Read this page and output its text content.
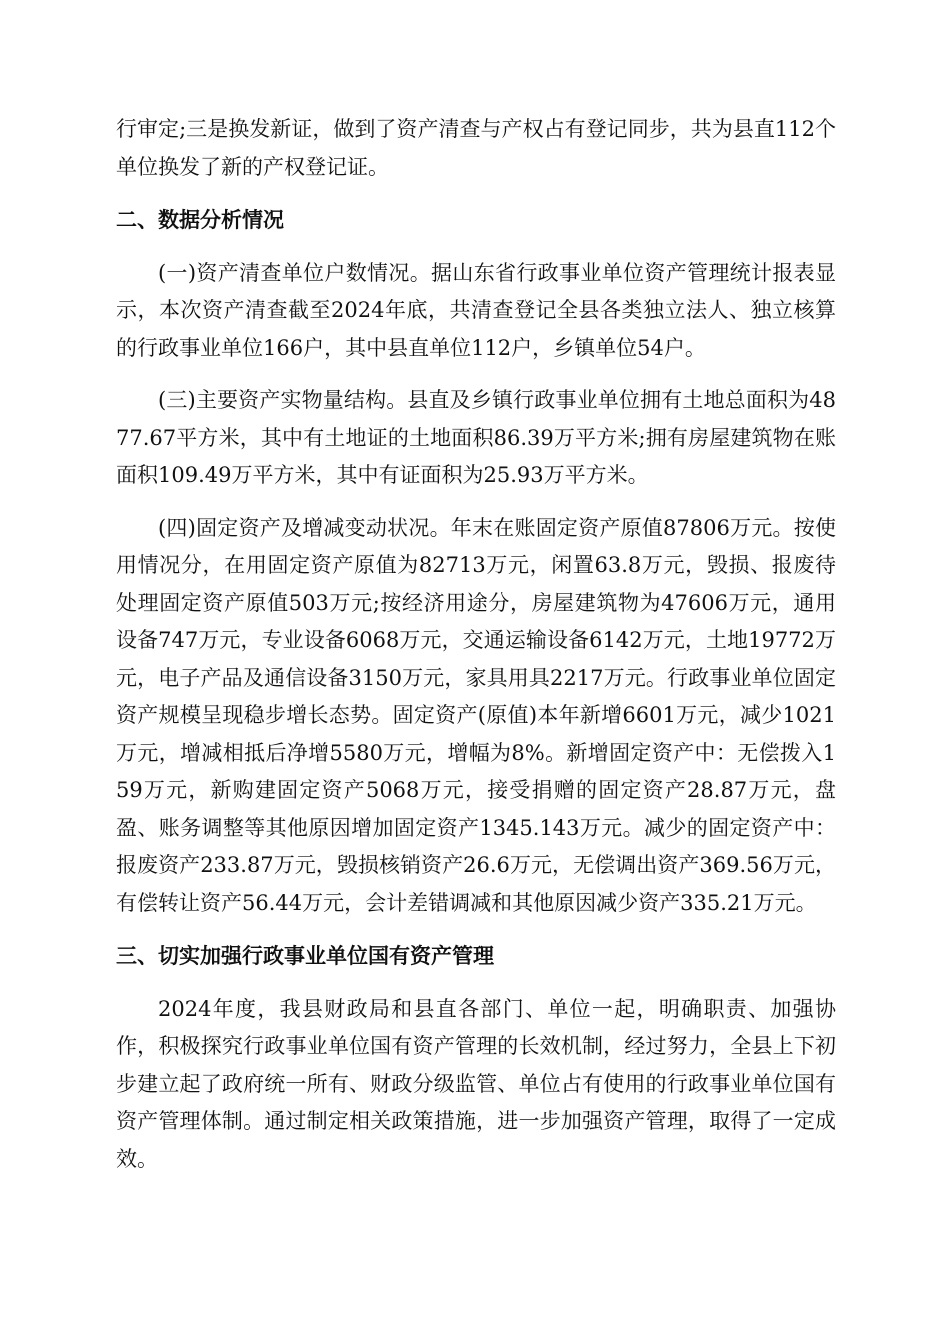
行审定;三是换发新证，做到了资产清查与产权占有登记同步，共为县直112个单位换发了新的产权登记证。

二、数据分析情况

(一)资产清查单位户数情况。据山东省行政事业单位资产管理统计报表显示，本次资产清查截至2024年底，共清查登记全县各类独立法人、独立核算的行政事业单位166户，其中县直单位112户，乡镇单位54户。

(三)主要资产实物量结构。县直及乡镇行政事业单位拥有土地总面积为4877.67平方米，其中有土地证的土地面积86.39万平方米;拥有房屋建筑物在账面积109.49万平方米，其中有证面积为25.93万平方米。

(四)固定资产及增减变动状况。年末在账固定资产原值87806万元。按使用情况分，在用固定资产原值为82713万元，闲置63.8万元，毁损、报废待处理固定资产原值503万元;按经济用途分，房屋建筑物为47606万元，通用设备747万元，专业设备6068万元，交通运输设备6142万元，土地19772万元，电子产品及通信设备3150万元，家具用具2217万元。行政事业单位固定资产规模呈现稳步增长态势。固定资产(原值)本年新增6601万元，减少1021万元，增减相抵后净增5580万元，增幅为8%。新增固定资产中：无偿拨入159万元，新购建固定资产5068万元，接受捐赠的固定资产28.87万元，盘盈、账务调整等其他原因增加固定资产1345.143万元。减少的固定资产中：报废资产233.87万元，毁损核销资产26.6万元，无偿调出资产369.56万元，有偿转让资产56.44万元，会计差错调减和其他原因减少资产335.21万元。

三、切实加强行政事业单位国有资产管理

2024年度，我县财政局和县直各部门、单位一起，明确职责、加强协作，积极探究行政事业单位国有资产管理的长效机制，经过努力，全县上下初步建立起了政府统一所有、财政分级监管、单位占有使用的行政事业单位国有资产管理体制。通过制定相关政策措施，进一步加强资产管理，取得了一定成效。
